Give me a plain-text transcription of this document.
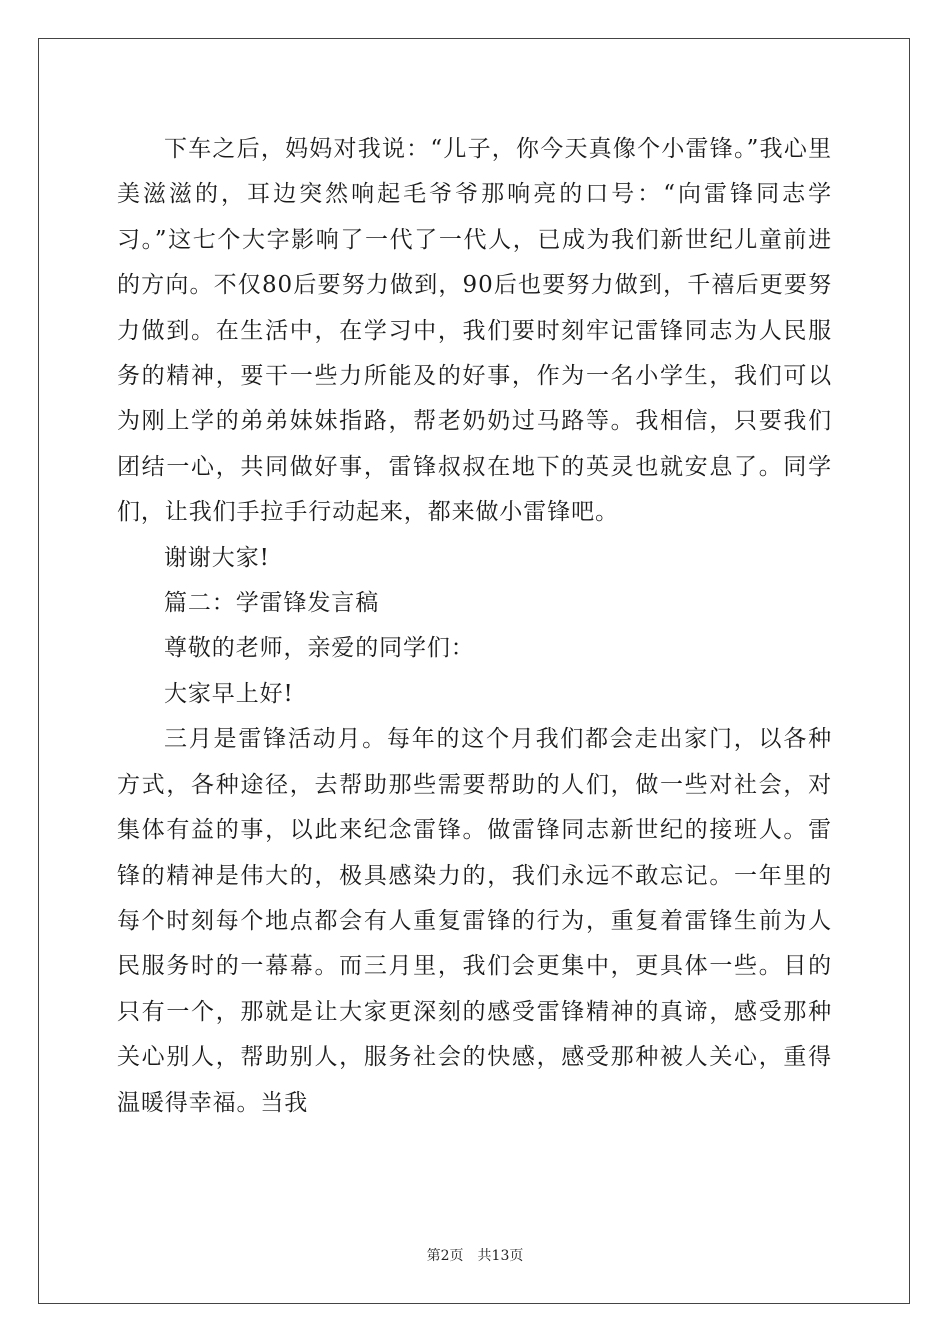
下车之后，妈妈对我说：“儿子，你今天真像个小雷锋。”我心里美滋滋的，耳边突然响起毛爷爷那响亮的口号：“向雷锋同志学习。”这七个大字影响了一代了一代人，已成为我们新世纪儿童前进的方向。不仅80后要努力做到，90后也要努力做到，千禧后更要努力做到。在生活中，在学习中，我们要时刻牢记雷锋同志为人民服务的精神，要干一些力所能及的好事，作为一名小学生，我们可以为刚上学的弟弟妹妹指路，帮老奶奶过马路等。我相信，只要我们团结一心，共同做好事，雷锋叔叔在地下的英灵也就安息了。同学们，让我们手拉手行动起来，都来做小雷锋吧。

谢谢大家!

篇二：学雷锋发言稿

尊敬的老师，亲爱的同学们：

大家早上好!

三月是雷锋活动月。每年的这个月我们都会走出家门，以各种方式，各种途径，去帮助那些需要帮助的人们，做一些对社会，对集体有益的事，以此来纪念雷锋。做雷锋同志新世纪的接班人。雷锋的精神是伟大的，极具感染力的，我们永远不敢忘记。一年里的每个时刻每个地点都会有人重复雷锋的行为，重复着雷锋生前为人民服务时的一幕幕。而三月里，我们会更集中，更具体一些。目的只有一个，那就是让大家更深刻的感受雷锋精神的真谛，感受那种关心别人，帮助别人，服务社会的快感，感受那种被人关心，重得温暖得幸福。当我

第2页 共13页
